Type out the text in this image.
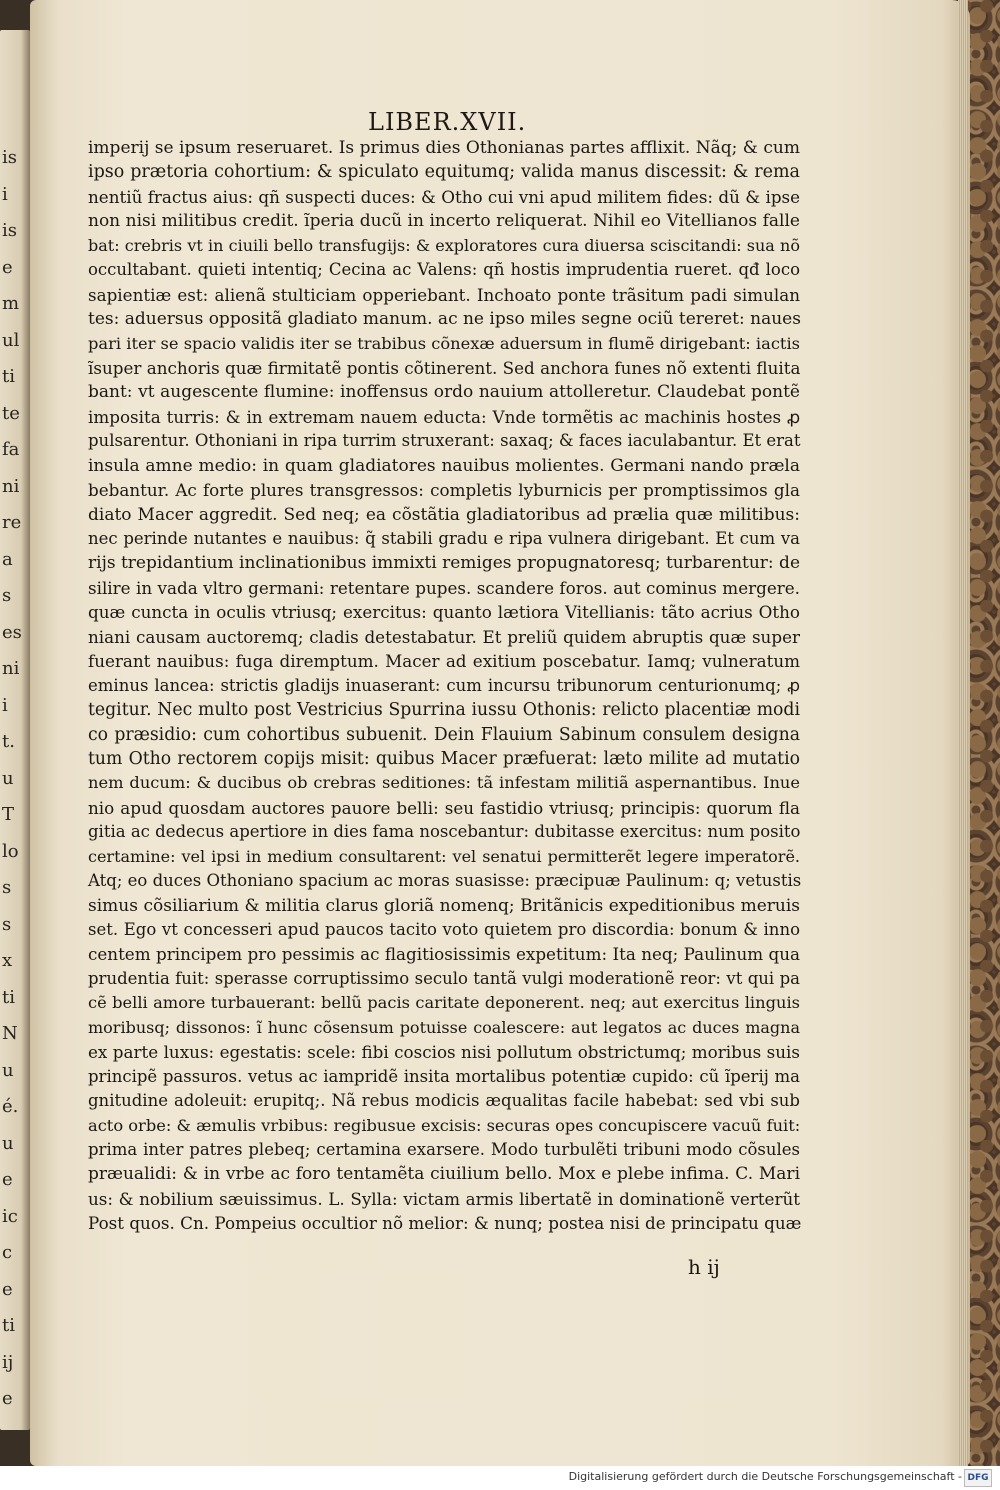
is
i
is
e
m
ul
ti
te
fa
ni
re
a
s
es
ni
i
t.
u
T
lo
s
s
x
ti
N
u
é.
u
e
ic
c
e
ti
ij
e
LIBER.XVII.
imperij se ipsum reseruaret. Is primus dies Othonianas partes afflixit. Nãq; & cum
ipso prætoria cohortium: & spiculato equitumq; valida manus discessit: & rema
nentiũ fractus aius: qñ suspecti duces: & Otho cui vni apud militem fides: dũ & ipse
non nisi militibus credit. ĩperia ducũ in incerto reliquerat. Nihil eo Vitellianos falle
bat: crebris vt in ciuili bello transfugijs: & exploratores cura diuersa sciscitandi: sua nõ
occultabant. quieti intentiq; Cecina ac Valens: qñ hostis imprudentia rueret. qđ loco
sapientiæ est: alienã stulticiam opperiebant. Inchoato ponte trãsitum padi simulan
tes: aduersus oppositã gladiato manum. ac ne ipso miles segne ociũ tereret: naues
pari iter se spacio validis iter se trabibus cõnexæ aduersum in flumẽ dirigebant: iactis
ĩsuper anchoris quæ firmitatẽ pontis cõtinerent. Sed anchora funes nõ extenti fluita
bant: vt augescente flumine: inoffensus ordo nauium attolleretur. Claudebat pontẽ
imposita turris: & in extremam nauem educta: Vnde tormẽtis ac machinis hostes ꝓ
pulsarentur. Othoniani in ripa turrim struxerant: saxaq; & faces iaculabantur. Et erat
insula amne medio: in quam gladiatores nauibus molientes. Germani nando præla
bebantur. Ac forte plures transgressos: completis lyburnicis per promptissimos gla
diato Macer aggredit. Sed neq; ea cõstãtia gladiatoribus ad prælia quæ militibus:
nec perinde nutantes e nauibus: q̃ stabili gradu e ripa vulnera dirigebant. Et cum va
rijs trepidantium inclinationibus immixti remiges propugnatoresq; turbarentur: de
silire in vada vltro germani: retentare pupes. scandere foros. aut cominus mergere.
quæ cuncta in oculis vtriusq; exercitus: quanto lætiora Vitellianis: tãto acrius Otho
niani causam auctoremq; cladis detestabatur. Et preliũ quidem abruptis quæ super
fuerant nauibus: fuga diremptum. Macer ad exitium poscebatur. Iamq; vulneratum
eminus lancea: strictis gladijs inuaserant: cum incursu tribunorum centurionumq; ꝓ
tegitur. Nec multo post Vestricius Spurrina iussu Othonis: relicto placentiæ modi
co præsidio: cum cohortibus subuenit. Dein Flauium Sabinum consulem designa
tum Otho rectorem copijs misit: quibus Macer præfuerat: læto milite ad mutatio
nem ducum: & ducibus ob crebras seditiones: tã infestam militiã aspernantibus. Inue
nio apud quosdam auctores pauore belli: seu fastidio vtriusq; principis: quorum fla
gitia ac dedecus apertiore in dies fama noscebantur: dubitasse exercitus: num posito
certamine: vel ipsi in medium consultarent: vel senatui permitterẽt legere imperatorẽ.
Atq; eo duces Othoniano spacium ac moras suasisse: præcipuæ Paulinum: q; vetustis
simus cõsiliarium & militia clarus gloriã nomenq; Britãnicis expeditionibus meruis
set. Ego vt concesseri apud paucos tacito voto quietem pro discordia: bonum & inno
centem principem pro pessimis ac flagitiosissimis expetitum: Ita neq; Paulinum qua
prudentia fuit: sperasse corruptissimo seculo tantã vulgi moderationẽ reor: vt qui pa
cẽ belli amore turbauerant: bellũ pacis caritate deponerent. neq; aut exercitus linguis
moribusq; dissonos: ĩ hunc cõsensum potuisse coalescere: aut legatos ac duces magna
ex parte luxus: egestatis: scele: fibi coscios nisi pollutum obstrictumq; moribus suis
principẽ passuros. vetus ac iampridẽ insita mortalibus potentiæ cupido: cũ ĩperij ma
gnitudine adoleuit: erupitq;. Nã rebus modicis æqualitas facile habebat: sed vbi sub
acto orbe: & æmulis vrbibus: regibusue excisis: securas opes concupiscere vacuũ fuit:
prima inter patres plebeq; certamina exarsere. Modo turbulẽti tribuni modo cõsules
præualidi: & in vrbe ac foro tentamẽta ciuilium bello. Mox e plebe infima. C. Mari
us: & nobilium sæuissimus. L. Sylla: victam armis libertatẽ in dominationẽ verterũt
Post quos. Cn. Pompeius occultior nõ melior: & nunq; postea nisi de principatu quæ
h ij
Digitalisierung gefördert durch die Deutsche Forschungsgemeinschaft - DFG
